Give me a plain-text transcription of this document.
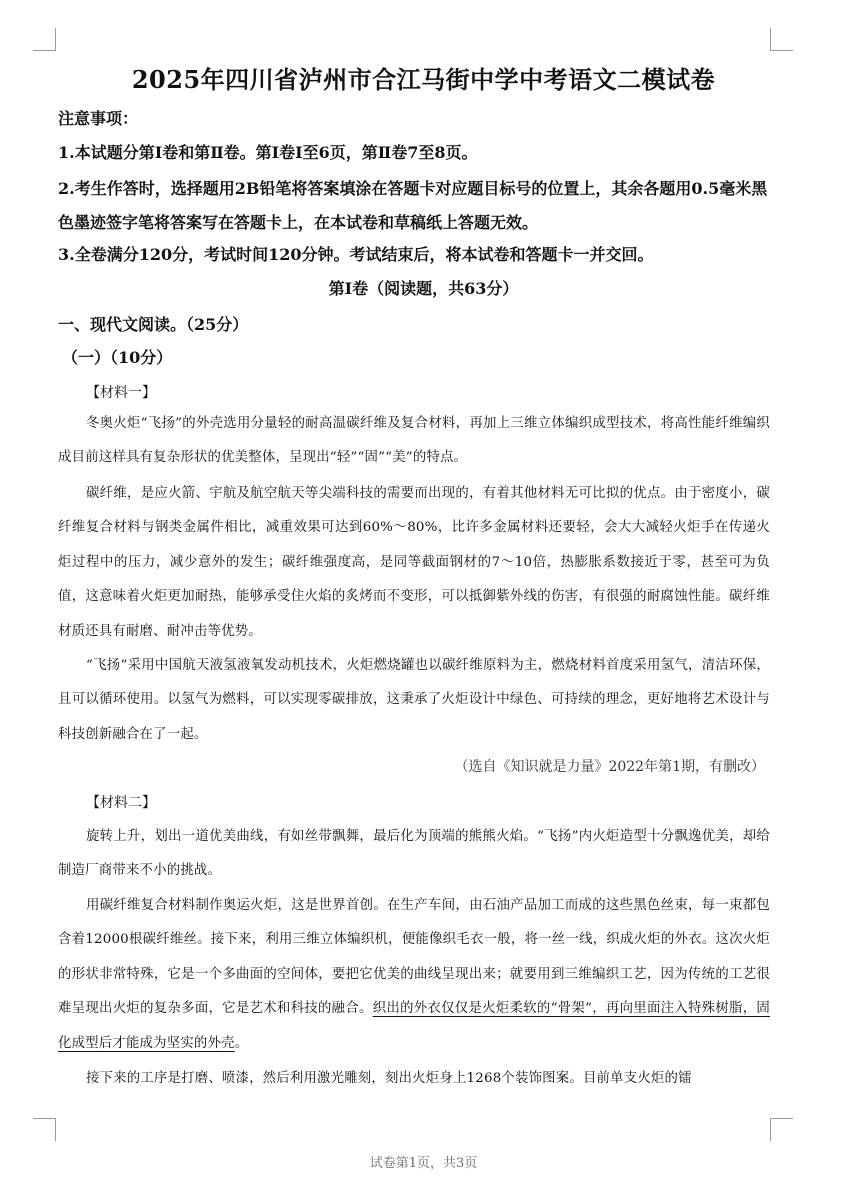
2025年四川省泸州市合江马街中学中考语文二模试卷
注意事项：
1.本试题分第Ⅰ卷和第Ⅱ卷。第Ⅰ卷Ⅰ至6页，第Ⅱ卷7至8页。
2.考生作答时，选择题用2B铅笔将答案填涂在答题卡对应题目标号的位置上，其余各题用0.5毫米黑色墨迹签字笔将答案写在答题卡上，在本试卷和草稿纸上答题无效。
3.全卷满分120分，考试时间120分钟。考试结束后，将本试卷和答题卡一并交回。
第Ⅰ卷（阅读题，共63分）
一、现代文阅读。（25分）
（一）（10分）
【材料一】
冬奥火炬“飞扬”的外壳选用分量轻的耐高温碳纤维及复合材料，再加上三维立体编织成型技术，将高性能纤维编织成目前这样具有复杂形状的优美整体，呈现出“轻”“固”“美”的特点。
碳纤维，是应火箭、宇航及航空航天等尖端科技的需要而出现的，有着其他材料无可比拟的优点。由于密度小，碳纤维复合材料与钢类金属件相比，减重效果可达到60%～80%，比许多金属材料还要轻，会大大减轻火炬手在传递火炬过程中的压力，减少意外的发生；碳纤维强度高，是同等截面钢材的7～10倍，热膨胀系数接近于零，甚至可为负值，这意味着火炬更加耐热，能够承受住火焰的炙烤而不变形，可以抵御紫外线的伤害，有很强的耐腐蚀性能。碳纤维材质还具有耐磨、耐冲击等优势。
“飞扬”采用中国航天液氢液氧发动机技术，火炬燃烧罐也以碳纤维原料为主，燃烧材料首度采用氢气，清洁环保，且可以循环使用。以氢气为燃料，可以实现零碳排放，这秉承了火炬设计中绿色、可持续的理念，更好地将艺术设计与科技创新融合在了一起。
（选自《知识就是力量》2022年第1期，有删改）
【材料二】
旋转上升，划出一道优美曲线，有如丝带飘舞，最后化为顶端的熊熊火焰。“飞扬”内火炬造型十分飘逸优美，却给制造厂商带来不小的挑战。
用碳纤维复合材料制作奥运火炬，这是世界首创。在生产车间，由石油产品加工而成的这些黑色丝束，每一束都包含着12000根碳纤维丝。接下来，利用三维立体编织机，便能像织毛衣一般，将一丝一线，织成火炬的外衣。这次火炬的形状非常特殊，它是一个多曲面的空间体，要把它优美的曲线呈现出来；就要用到三维编织工艺，因为传统的工艺很难呈现出火炬的复杂多面，它是艺术和科技的融合。织出的外衣仅仅是火炬柔软的“骨架”，再向里面注入特殊树脂，固化成型后才能成为坚实的外壳。
接下来的工序是打磨、喷漆，然后利用激光雕刻，刻出火炬身上1268个装饰图案。目前单支火炬的镭
试卷第1页，共3页
